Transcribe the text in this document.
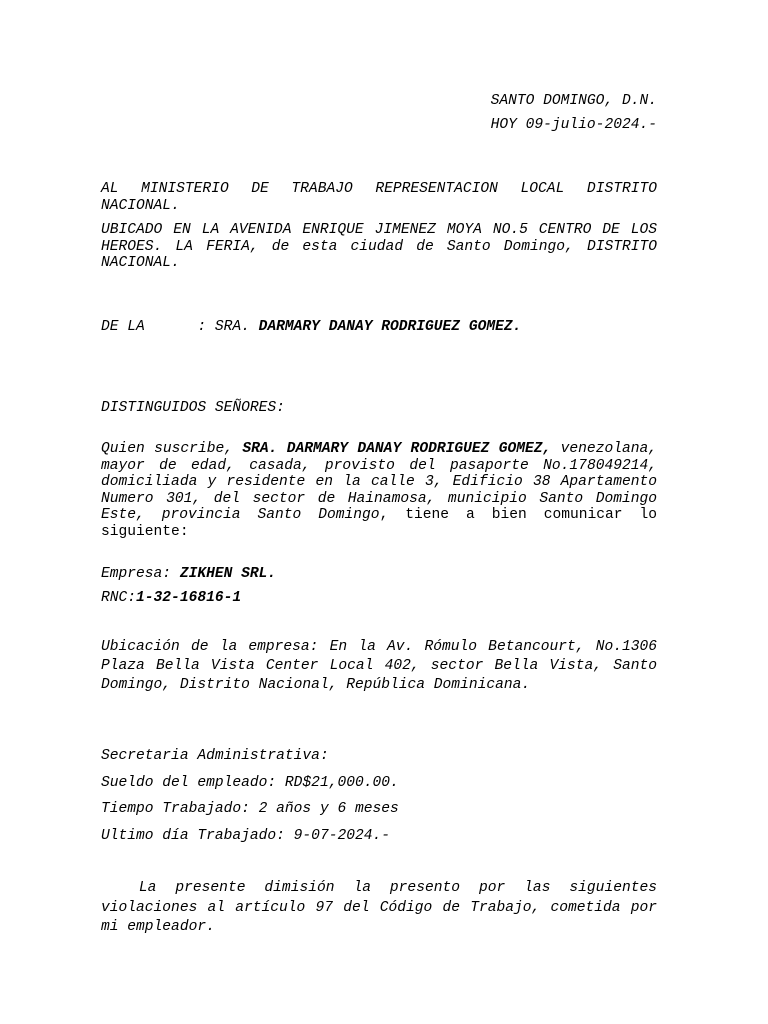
SANTO DOMINGO, D.N.
HOY 09-julio-2024.-
AL MINISTERIO DE TRABAJO REPRESENTACION LOCAL DISTRITO NACIONAL.
UBICADO EN LA AVENIDA ENRIQUE JIMENEZ MOYA NO.5 CENTRO DE LOS HEROES. LA FERIA, de esta ciudad de Santo Domingo, DISTRITO NACIONAL.
DE LA      : SRA. DARMARY DANAY RODRIGUEZ GOMEZ.
DISTINGUIDOS SEÑORES:
Quien suscribe, SRA. DARMARY DANAY RODRIGUEZ GOMEZ, venezolana, mayor de edad, casada, provisto del pasaporte No.178049214, domiciliada y residente en la calle 3, Edificio 38 Apartamento Numero 301, del sector de Hainamosa, municipio Santo Domingo Este, provincia Santo Domingo, tiene a bien comunicar lo siguiente:
Empresa: ZIKHEN SRL.
RNC:1-32-16816-1
Ubicación de la empresa: En la Av. Rómulo Betancourt, No.1306 Plaza Bella Vista Center Local 402, sector Bella Vista, Santo Domingo, Distrito Nacional, República Dominicana.
Secretaria Administrativa:
Sueldo del empleado: RD$21,000.00.
Tiempo Trabajado: 2 años y 6 meses
Ultimo día Trabajado: 9-07-2024.-
La presente dimisión la presento por las siguientes violaciones al artículo 97 del Código de Trabajo, cometida por mi empleador.
